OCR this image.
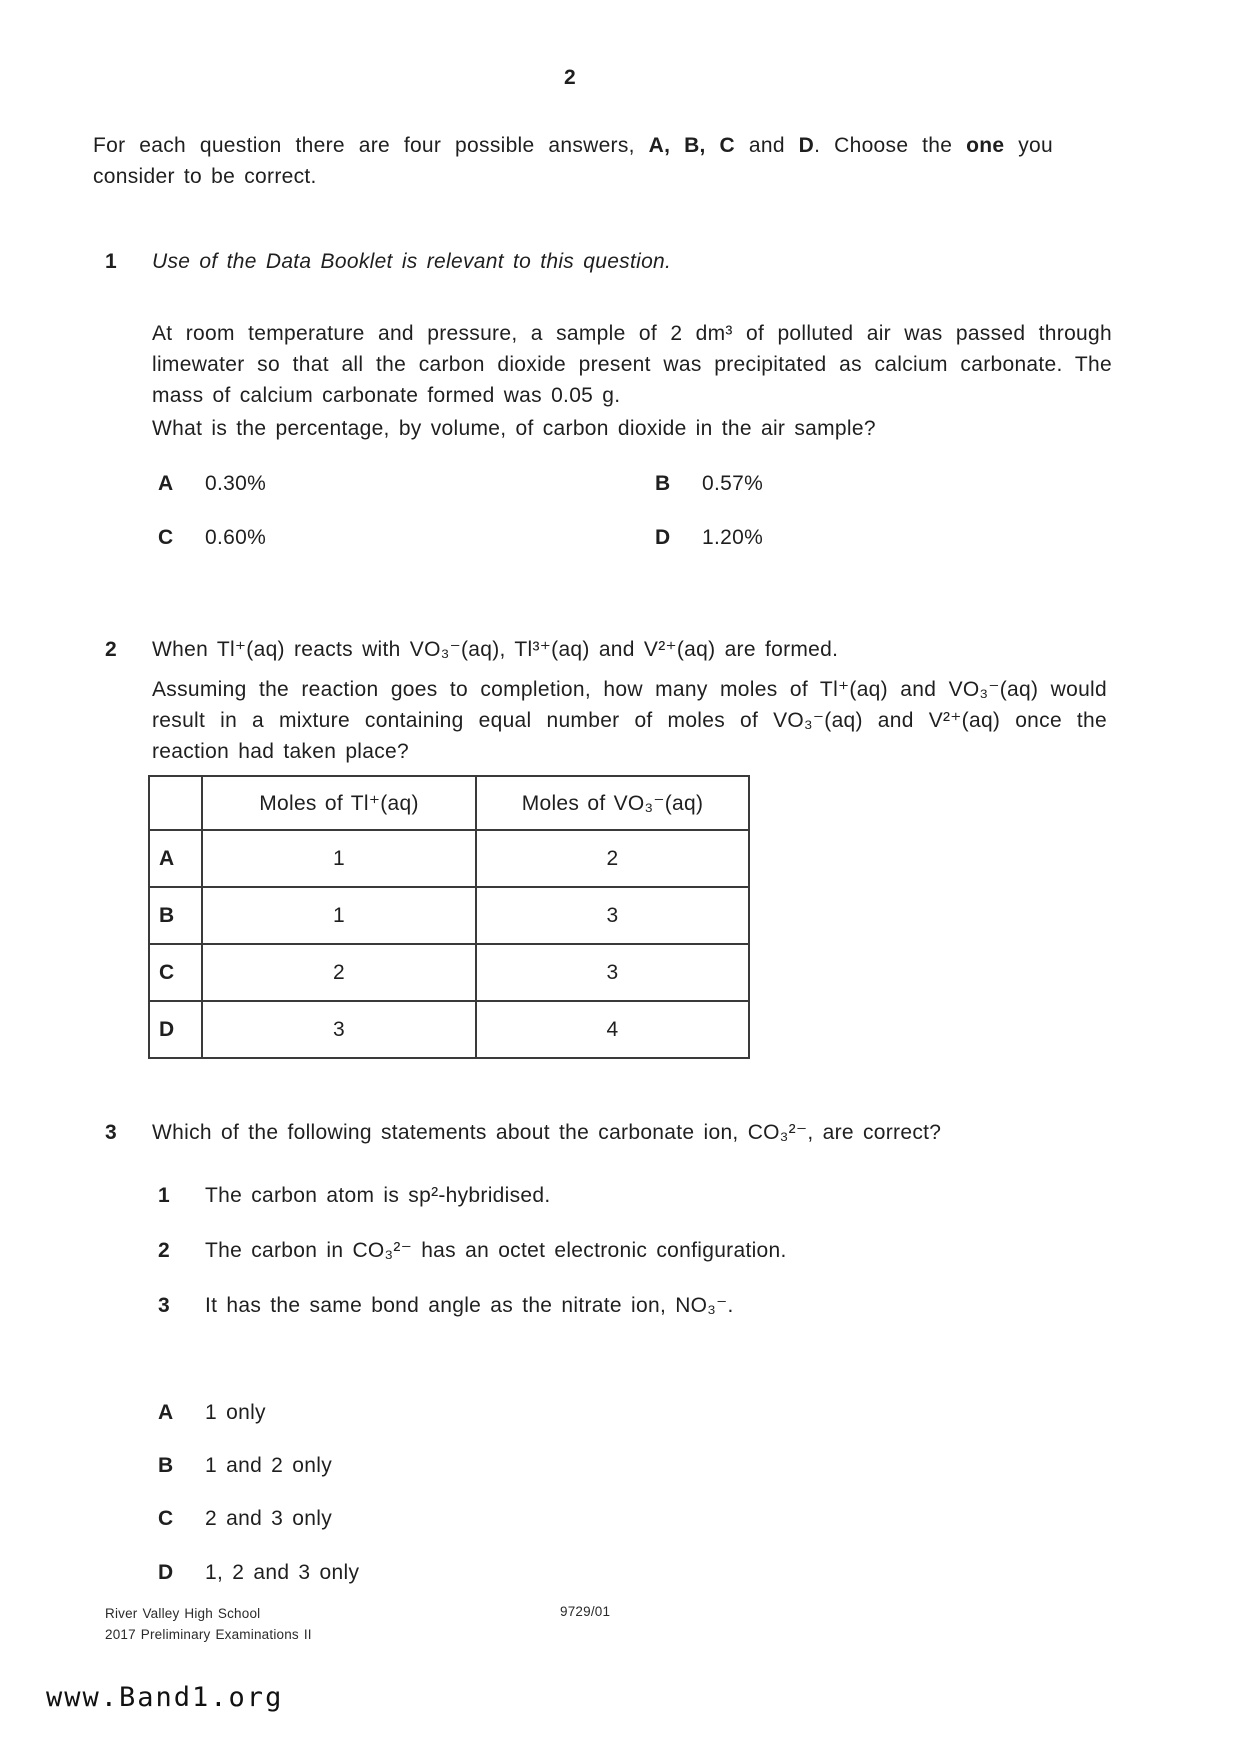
2
For each question there are four possible answers, A, B, C and D. Choose the one you consider to be correct.
1 Use of the Data Booklet is relevant to this question.
At room temperature and pressure, a sample of 2 dm³ of polluted air was passed through limewater so that all the carbon dioxide present was precipitated as calcium carbonate. The mass of calcium carbonate formed was 0.05 g.
What is the percentage, by volume, of carbon dioxide in the air sample?
A 0.30%	B 0.57%
C 0.60%	D 1.20%
2 When Tl⁺(aq) reacts with VO₃⁻(aq), Tl³⁺(aq) and V²⁺(aq) are formed.
Assuming the reaction goes to completion, how many moles of Tl⁺(aq) and VO₃⁻(aq) would result in a mixture containing equal number of moles of VO₃⁻(aq) and V²⁺(aq) once the reaction had taken place?
	Moles of Tl⁺(aq)	Moles of VO₃⁻(aq)
A	1	2
B	1	3
C	2	3
D	3	4
3 Which of the following statements about the carbonate ion, CO₃²⁻, are correct?
1 The carbon atom is sp²-hybridised.
2 The carbon in CO₃²⁻ has an octet electronic configuration.
3 It has the same bond angle as the nitrate ion, NO₃⁻.
A 1 only
B 1 and 2 only
C 2 and 3 only
D 1, 2 and 3 only
River Valley High School
2017 Preliminary Examinations II
9729/01
www.Band1.org
